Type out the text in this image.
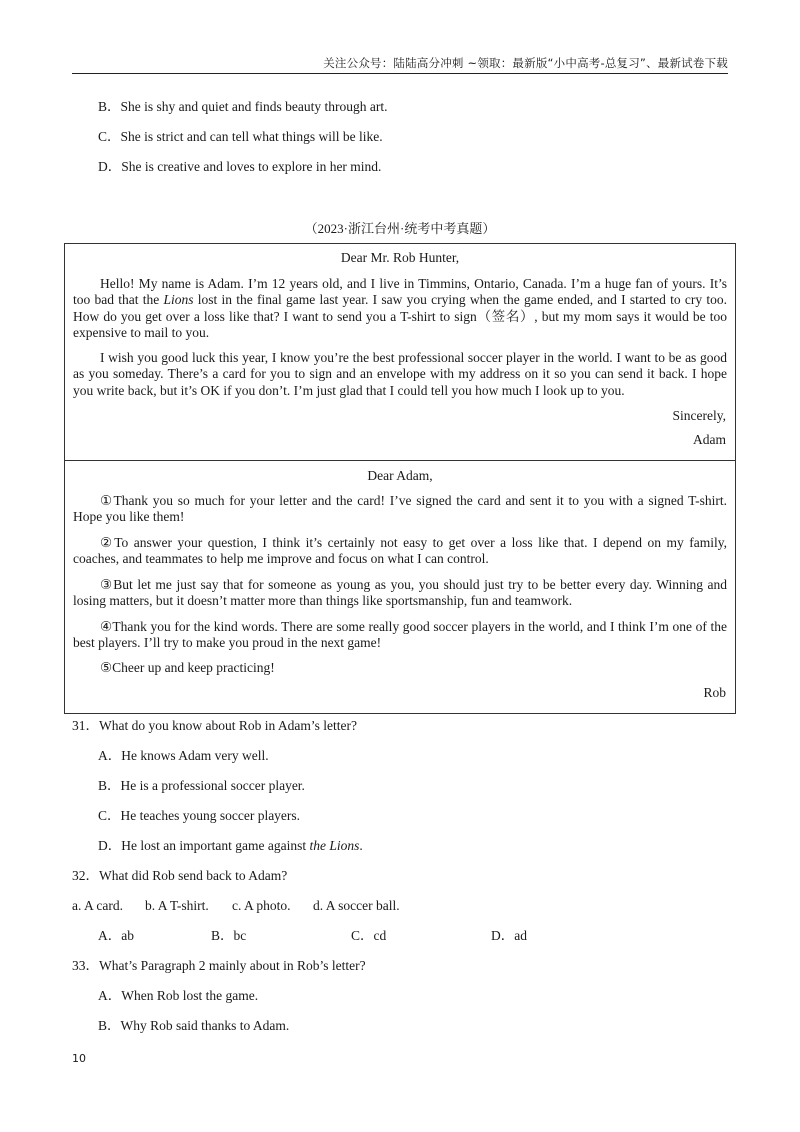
关注公众号：陆陆高分冲刺 ~领取：最新版“小中高考-总复习”、最新试卷下载
B．She is shy and quiet and finds beauty through art.
C．She is strict and can tell what things will be like.
D．She is creative and loves to explore in her mind.
（2023·浙江台州·统考中考真题）
Dear Mr. Rob Hunter,
Hello! My name is Adam. I’m 12 years old, and I live in Timmins, Ontario, Canada. I’m a huge fan of yours. It’s too bad that the Lions lost in the final game last year. I saw you crying when the game ended, and I started to cry too. How do you get over a loss like that? I want to send you a T-shirt to sign（签名）, but my mom says it would be too expensive to mail to you.
I wish you good luck this year, I know you’re the best professional soccer player in the world. I want to be as good as you someday. There’s a card for you to sign and an envelope with my address on it so you can send it back. I hope you write back, but it’s OK if you don’t. I’m just glad that I could tell you how much I look up to you.
Sincerely,
Adam
Dear Adam,
①Thank you so much for your letter and the card! I’ve signed the card and sent it to you with a signed T-shirt. Hope you like them!
②To answer your question, I think it’s certainly not easy to get over a loss like that. I depend on my family, coaches, and teammates to help me improve and focus on what I can control.
③But let me just say that for someone as young as you, you should just try to be better every day. Winning and losing matters, but it doesn’t matter more than things like sportsmanship, fun and teamwork.
④Thank you for the kind words. There are some really good soccer players in the world, and I think I’m one of the best players. I’ll try to make you proud in the next game!
⑤Cheer up and keep practicing!
Rob
31．What do you know about Rob in Adam’s letter?
A．He knows Adam very well.
B．He is a professional soccer player.
C．He teaches young soccer players.
D．He lost an important game against the Lions.
32．What did Rob send back to Adam?
a. A card. b. A T-shirt. c. A photo. d. A soccer ball.
A．ab	B．bc	C．cd	D．ad
33．What’s Paragraph 2 mainly about in Rob’s letter?
A．When Rob lost the game.
B．Why Rob said thanks to Adam.
10
